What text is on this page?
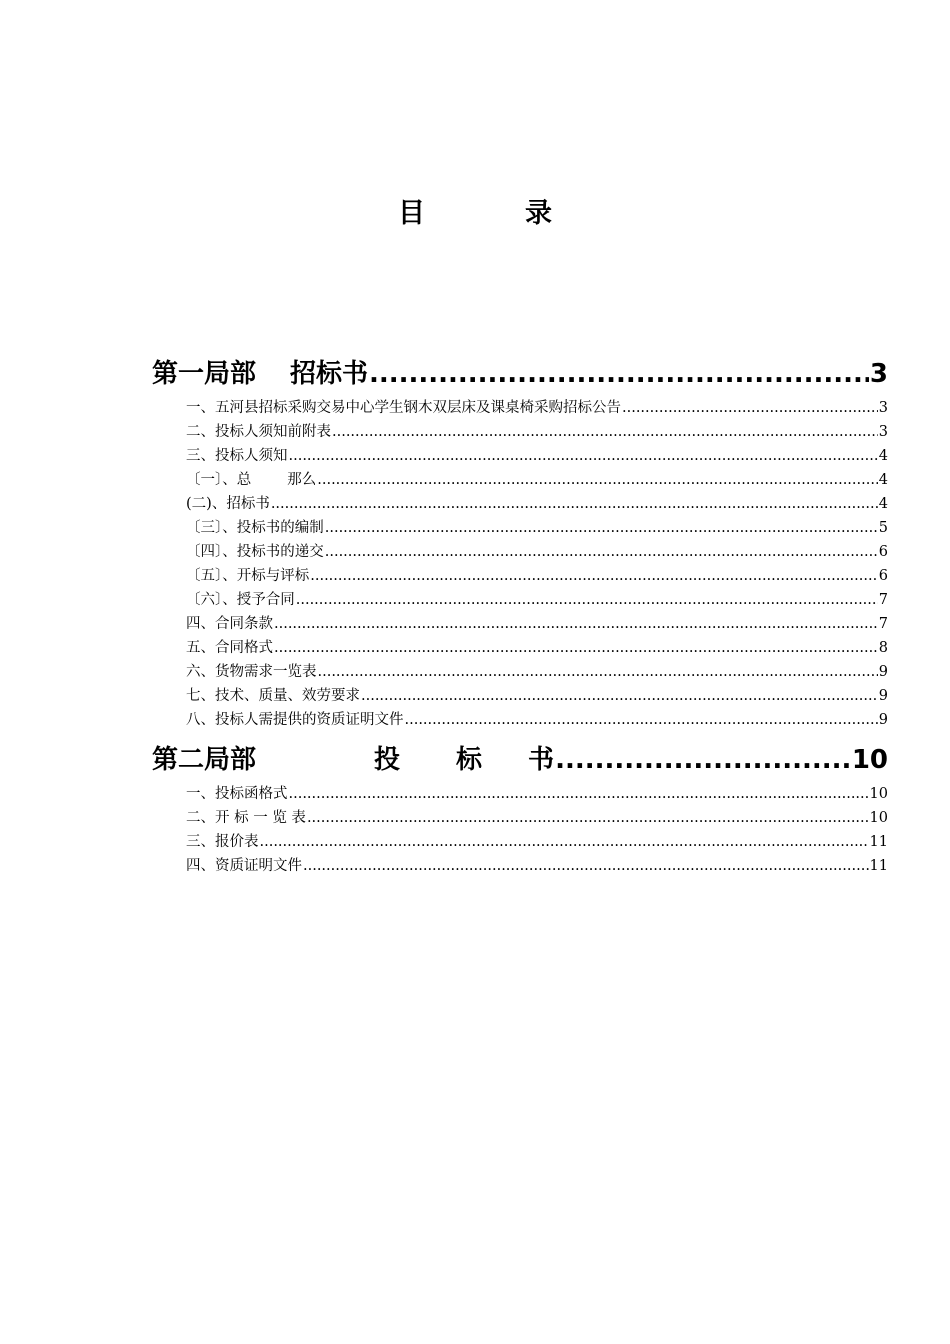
目	录
第一局部 招标书 .....	3
一、五河县招标采购交易中心学生钢木双层床及课桌椅采购招标公告 .....	3
二、投标人须知前附表 .....	3
三、投标人须知 .....	4
〔一〕、总 那么 .....	4
(二)、招标书 .....	4
〔三〕、投标书的编制 .....	5
〔四〕、投标书的递交 .....	6
〔五〕、开标与评标 .....	6
〔六〕、授予合同 .....	7
四、合同条款 .....	7
五、合同格式 .....	8
六、货物需求一览表 .....	9
七、技术、质量、效劳要求 .....	9
八、投标人需提供的资质证明文件 .....	9
第二局部	投 标 书 .....	10
一、投标函格式 .....	10
二、开 标 一 览 表 .....	10
三、报价表 .....	11
四、资质证明文件 .....	11
